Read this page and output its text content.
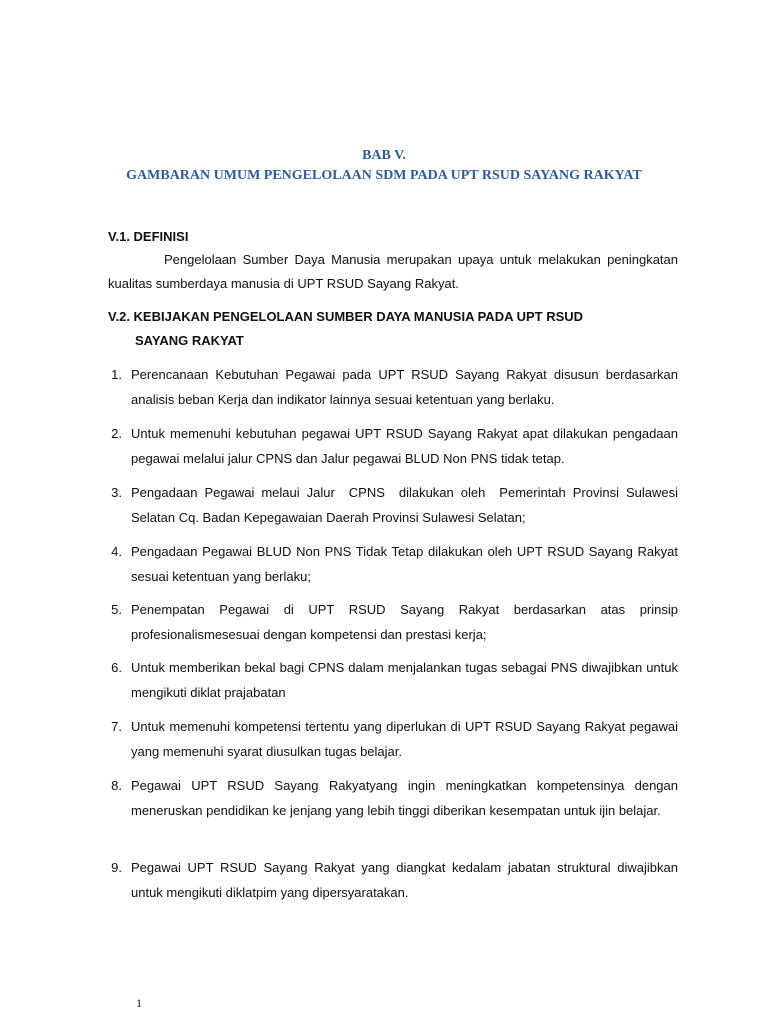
BAB V.
GAMBARAN UMUM PENGELOLAAN SDM PADA UPT RSUD SAYANG RAKYAT
V.1. DEFINISI

Pengelolaan Sumber Daya Manusia merupakan upaya untuk melakukan peningkatan kualitas sumberdaya manusia di UPT RSUD Sayang Rakyat.

V.2. KEBIJAKAN PENGELOLAAN SUMBER DAYA MANUSIA PADA UPT RSUD
SAYANG RAKYAT
1. Perencanaan Kebutuhan Pegawai pada UPT RSUD Sayang Rakyat disusun berdasarkan analisis beban Kerja dan indikator lainnya sesuai ketentuan yang berlaku.
2. Untuk memenuhi kebutuhan pegawai UPT RSUD Sayang Rakyat apat dilakukan pengadaan pegawai melalui jalur CPNS dan Jalur pegawai BLUD Non PNS tidak tetap.
3. Pengadaan Pegawai melaui Jalur  CPNS  dilakukan oleh  Pemerintah Provinsi Sulawesi Selatan Cq. Badan Kepegawaian Daerah Provinsi Sulawesi Selatan;
4. Pengadaan Pegawai BLUD Non PNS Tidak Tetap dilakukan oleh UPT RSUD Sayang Rakyat sesuai ketentuan yang berlaku;
5. Penempatan Pegawai di UPT RSUD Sayang Rakyat berdasarkan atas prinsip profesionalismesesuai dengan kompetensi dan prestasi kerja;
6. Untuk memberikan bekal bagi CPNS dalam menjalankan tugas sebagai PNS diwajibkan untuk mengikuti diklat prajabatan
7. Untuk memenuhi kompetensi tertentu yang diperlukan di UPT RSUD Sayang Rakyat pegawai yang memenuhi syarat diusulkan tugas belajar.
8. Pegawai UPT RSUD Sayang Rakyatyang ingin meningkatkan kompetensinya dengan meneruskan pendidikan ke jenjang yang lebih tinggi diberikan kesempatan untuk ijin belajar.
9. Pegawai UPT RSUD Sayang Rakyat yang diangkat kedalam jabatan struktural diwajibkan untuk mengikuti diklatpim yang dipersyaratakan.

1
